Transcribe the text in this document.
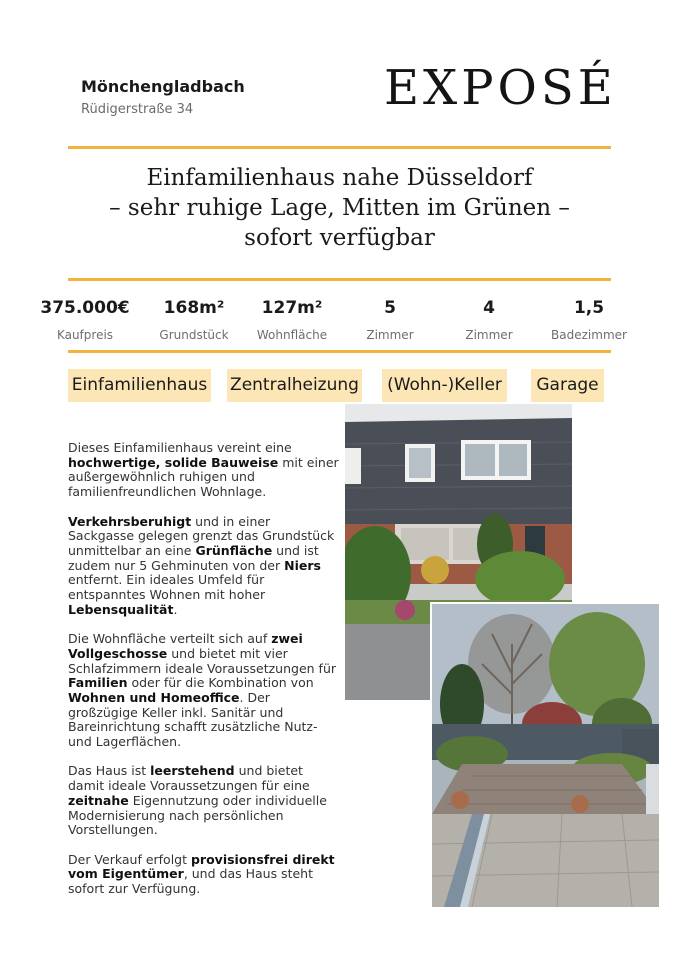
Mönchengladbach
Rüdigerstraße 34	EXPOSÉ
Einfamilienhaus nahe Düsseldorf
– sehr ruhige Lage, Mitten im Grünen –
sofort verfügbar
375.000€
Kaufpreis
168m²
Grundstück
127m²
Wohnfläche
5
Zimmer
4
Zimmer
1,5
Badezimmer
Einfamilienhaus Zentralheizung (Wohn-)Keller	Garage

Dieses Einfamilienhaus vereint eine hochwertige, solide Bauweise mit einer außergewöhnlich ruhigen und familienfreundlichen Wohnlage.

Verkehrsberuhigt und in einer Sackgasse gelegen grenzt das Grundstück unmittelbar an eine Grünfläche und ist zudem nur 5 Gehminuten von der Niers entfernt. Ein ideales Umfeld für entspanntes Wohnen mit hoher Lebensqualität.

Die Wohnfläche verteilt sich auf zwei Vollgeschosse und bietet mit vier Schlafzimmern ideale Voraussetzungen für Familien oder für die Kombination von Wohnen und Homeoffice. Der großzügige Keller inkl. Sanitär und Bareinrichtung schafft zusätzliche Nutz- und Lagerflächen.

Das Haus ist leerstehend und bietet damit ideale Voraussetzungen für eine zeitnahe Eigennutzung oder individuelle Modernisierung nach persönlichen Vorstellungen.

Der Verkauf erfolgt provisionsfrei direkt vom Eigentümer, und das Haus steht sofort zur Verfügung.
